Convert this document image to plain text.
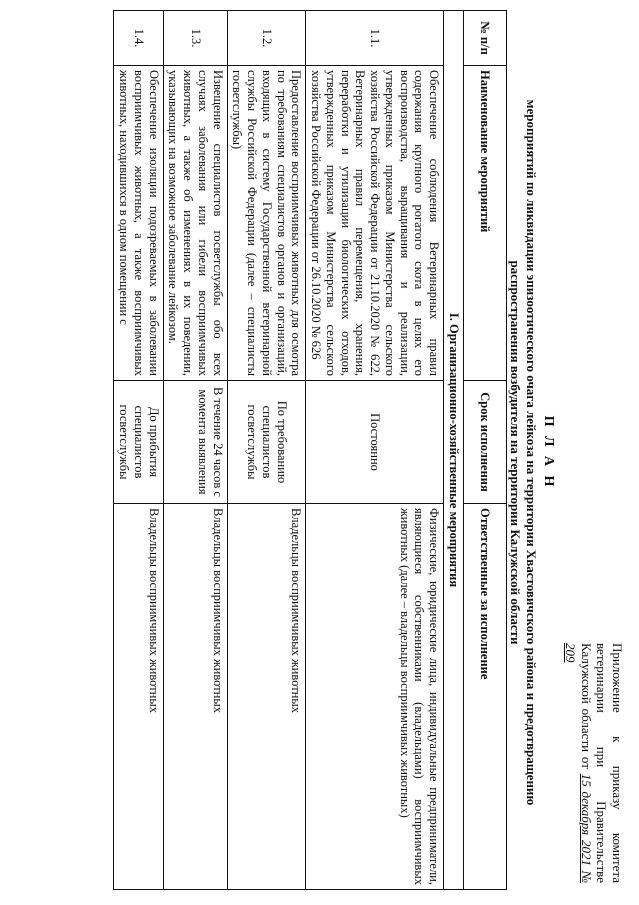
Приложение к приказу комитета ветеринарии при Правительстве Калужской области от 15 декабря 2021 № 209
П Л А Н
мероприятий по ликвидации эпизоотического очага лейкоза на территории Хвастовичского района и предотвращению
распространения возбудителя на территории Калужской области
№ п/п	Наименование мероприятий	Срок исполнения	Ответственные за исполнение
I. Организационно-хозяйственные мероприятия			
1.1.	Обеспечение соблюдения Ветеринарных правил содержания крупного рогатого скота в целях его воспроизводства, выращивания и реализации, утвержденных приказом Министерства сельского хозяйства Российской Федерации от 21.10.2020 № 622, Ветеринарных правил перемещения, хранения, переработки и утилизации биологических отходов, утвержденных приказом Министерства сельского хозяйства Российской Федерации от 26.10.2020 № 626	Постоянно	Физические, юридические лица, индивидуальные предприниматели, являющиеся собственниками (владельцами) восприимчивых животных (далее – владельцы восприимчивых животных)
1.2.	Предоставление восприимчивых животных для осмотра по требованиям специалистов органов и организаций, входящих в систему Государственной ветеринарной службы Российской Федерации (далее – специалисты госветслужбы)	По требованию специалистов госветслужбы	Владельцы восприимчивых животных
1.3.	Извещение специалистов госветслужбы обо всех случаях заболевания или гибели восприимчивых животных, а также об изменениях в их поведении, указывающих на возможное заболевание лейкозом.	В течение 24 часов с момента выявления	Владельцы восприимчивых животных
1.4.	Обеспечение изоляции подозреваемых в заболевании восприимчивых животных, а также восприимчивых животных, находившихся в одном помещении с	До прибытия специалистов госветслужбы	Владельцы восприимчивых животных
